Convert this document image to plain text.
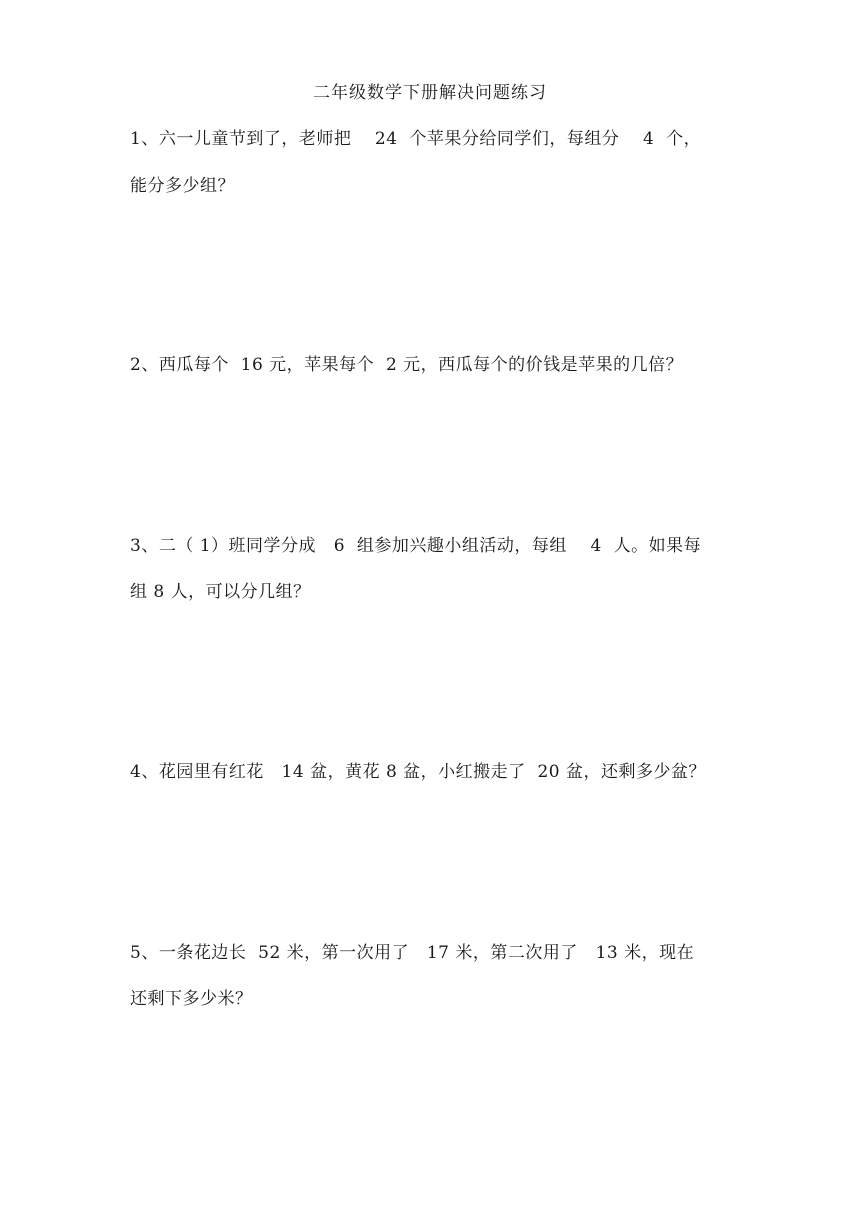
二年级数学下册解决问题练习
1、六一儿童节到了，老师把    24  个苹果分给同学们，每组分    4  个，
能分多少组？
2、西瓜每个  16 元，苹果每个  2 元，西瓜每个的价钱是苹果的几倍？
3、二（ 1）班同学分成   6  组参加兴趣小组活动，每组    4  人。如果每
组 8 人，可以分几组？
4、花园里有红花   14 盆，黄花 8 盆，小红搬走了  20 盆，还剩多少盆？
5、一条花边长  52 米，第一次用了   17 米，第二次用了   13 米，现在
还剩下多少米？
